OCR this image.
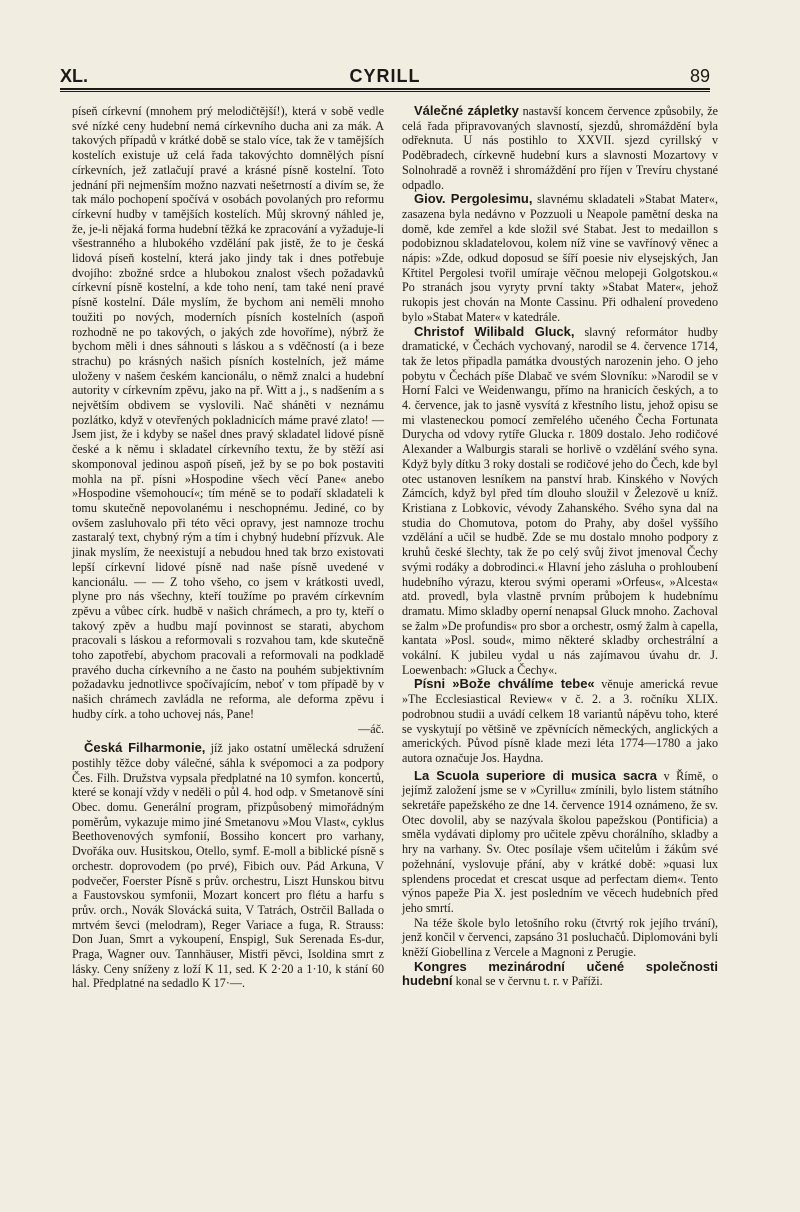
XL.	CYRILL	89

píseň církevní (mnohem prý melodičtější!), která v sobě vedle své nízké ceny hudební nemá církevního ducha ani za mák. A takových případů v krátké době se stalo více, tak že v tamějších kostelích existuje už celá řada takovýchto domnělých písní církevních, jež zatlačují pravé a krásné písně kostelní. Toto jednání při nejmenším možno nazvati nešetrností a divím se, že tak málo pochopení spočívá v osobách povolaných pro reformu církevní hudby v tamějších kostelích. Můj skrovný náhled je, že, je-li nějaká forma hudební těžká ke zpracování a vyžaduje-li všestranného a hlubokého vzdělání pak jistě, že to je česká lidová píseň kostelní, která jako jindy tak i dnes potřebuje dvojího: zbožné srdce a hlubokou znalost všech požadavků církevní písně kostelní, a kde toho není, tam také není pravé písně kostelní. Dále myslím, že bychom ani neměli mnoho toužiti po nových, moderních písních kostelních (aspoň rozhodně ne po takových, o jakých zde hovoříme), nýbrž že bychom měli i dnes sáhnouti s láskou a s vděčností (a i beze strachu) po krásných našich písních kostelních, jež máme uloženy v našem českém kancionálu, o němž znalci a hudební autority v církevním zpěvu, jako na př. Witt a j., s nadšením a s největším obdivem se vyslovili. Nač sháněti v neznámu pozlátko, když v otevřených pokladnicích máme pravé zlato! — Jsem jist, že i kdyby se našel dnes pravý skladatel lidové písně české a k němu i skladatel církevního textu, že by stěží asi skomponoval jedinou aspoň píseň, jež by se po bok postaviti mohla na př. písni »Hospodine všech věcí Pane« anebo »Hospodine všemohoucí«; tím méně se to podaří skladateli k tomu skutečně nepovolanému i neschopnému. Jediné, co by ovšem zasluhovalo při této věci opravy, jest namnoze trochu zastaralý text, chybný rým a tím i chybný hudební přízvuk. Ale jinak myslím, že neexistují a nebudou hned tak brzo existovati lepší církevní lidové písně nad naše písně uvedené v kancionálu. — — Z toho všeho, co jsem v krátkosti uvedl, plyne pro nás všechny, kteří toužíme po pravém církevním zpěvu a vůbec círk. hudbě v našich chrámech, a pro ty, kteří o takový zpěv a hudbu mají povinnost se starati, abychom pracovali s láskou a reformovali s rozvahou tam, kde skutečně toho zapotřebí, abychom pracovali a reformovali na podkladě pravého ducha církevního a ne často na pouhém subjektivním požadavku jednotlivce spočívajícím, neboť v tom případě by v našich chrámech zavládla ne reforma, ale deforma zpěvu i hudby círk. a toho uchovej nás, Pane!

—áč.

Česká Filharmonie, jíž jako ostatní umělecká sdružení postihly těžce doby válečné, sáhla k svépomoci a za podpory Čes. Filh. Družstva vypsala předplatné na 10 symfon. koncertů, které se konají vždy v neděli o půl 4. hod odp. v Smetanově síni Obec. domu. Generální program, přizpůsobený mimořádným poměrům, vykazuje mimo jiné Smetanovu »Mou Vlast«, cyklus Beethovenových symfonií, Bossiho koncert pro varhany, Dvořáka ouv. Husitskou, Otello, symf. E-moll a biblické písně s orchestr. doprovodem (po prvé), Fibich ouv. Pád Arkuna, V podvečer, Foerster Písně s prův. orchestru, Liszt Hunskou bitvu a Faustovskou symfonii, Mozart koncert pro flétu a harfu s prův. orch., Novák Slovácká suita, V Tatrách, Ostrčil Ballada o mrtvém ševci (melodram), Reger Variace a fuga, R. Strauss: Don Juan, Smrt a vykoupení, Enspigl, Suk Serenada Es-dur, Praga, Wagner ouv. Tannhäuser, Mistři pěvci, Isoldina smrt z lásky. Ceny sníženy z loží K 11, sed. K 2·20 a 1·10, k stání 60 hal. Předplatné na sedadlo K 17·—.

Válečné zápletky nastavší koncem července způsobily, že celá řada připravovaných slavností, sjezdů, shromáždění byla odřeknuta. U nás postihlo to XXVII. sjezd cyrillský v Poděbradech, církevně hudební kurs a slavnosti Mozartovy v Solnohradě a rovněž i shromáždění pro říjen v Trevíru chystané odpadlo.

Giov. Pergolesimu, slavnému skladateli »Stabat Mater«, zasazena byla nedávno v Pozzuoli u Neapole pamětní deska na domě, kde zemřel a kde složil své Stabat. Jest to medaillon s podobiznou skladatelovou, kolem níž vine se vavřínový věnec a nápis: »Zde, odkud doposud se šíří poesie niv elysejských, Jan Křtitel Pergolesi tvořil umíraje věčnou melopeji Golgotskou.« Po stranách jsou vyryty první takty »Stabat Mater«, jehož rukopis jest chován na Monte Cassinu. Při odhalení provedeno bylo »Stabat Mater« v katedrále.

Christof Wilibald Gluck, slavný reformátor hudby dramatické, v Čechách vychovaný, narodil se 4. července 1714, tak že letos připadla památka dvoustých narozenin jeho. O jeho pobytu v Čechách píše Dlabač ve svém Slovníku: »Narodil se v Horní Falci ve Weidenwangu, přímo na hranicích českých, a to 4. července, jak to jasně vysvítá z křestního listu, jehož opisu se mi vlasteneckou pomocí zemřelého učeného Čecha Fortunata Durycha od vdovy rytíře Glucka r. 1809 dostalo. Jeho rodičové Alexander a Walburgis starali se horlivě o vzdělání svého syna. Když byly dítku 3 roky dostali se rodičové jeho do Čech, kde byl otec ustanoven lesníkem na panství hrab. Kinského v Nových Zámcích, když byl před tím dlouho sloužil v Železově u kníž. Kristiana z Lobkovic, vévody Zahanského. Svého syna dal na studia do Chomutova, potom do Prahy, aby došel vyššího vzdělání a učil se hudbě. Zde se mu dostalo mnoho podpory z kruhů české šlechty, tak že po celý svůj život jmenoval Čechy svými rodáky a dobrodinci.« Hlavní jeho zásluha o prohloubení hudebního výrazu, kterou svými operami »Orfeus«, »Alcesta« atd. provedl, byla vlastně prvním průbojem k hudebnímu dramatu. Mimo skladby operní nenapsal Gluck mnoho. Zachoval se žalm »De profundis« pro sbor a orchestr, osmý žalm à capella, kantata »Posl. soud«, mimo některé skladby orchestrální a vokální. K jubileu vydal u nás zajímavou úvahu dr. J. Loewenbach: »Gluck a Čechy«.

Písni »Bože chválíme tebe« věnuje americká revue »The Ecclesiastical Review« v č. 2. a 3. ročníku XLIX. podrobnou studii a uvádí celkem 18 variantů nápěvu toho, které se vyskytují po většině ve zpěvnících německých, anglických a amerických. Původ písně klade mezi léta 1774—1780 a jako autora označuje Jos. Haydna.

La Scuola superiore di musica sacra v Římě, o jejímž založení jsme se v »Cyrillu« zmínili, bylo listem státního sekretáře papežského ze dne 14. července 1914 oznámeno, že sv. Otec dovolil, aby se nazývala školou papežskou (Pontificia) a směla vydávati diplomy pro učitele zpěvu chorálního, skladby a hry na varhany. Sv. Otec posílaje všem učitelům i žákům své požehnání, vyslovuje přání, aby v krátké době: »quasi lux splendens procedat et crescat usque ad perfectam diem«. Tento výnos papeže Pia X. jest posledním ve věcech hudebních před jeho smrtí.

Na téže škole bylo letošního roku (čtvrtý rok jejího trvání), jenž končil v červenci, zapsáno 31 posluchačů. Diplomováni byli kněží Giobellina z Vercele a Magnoni z Perugie.

Kongres mezinárodní učené společnosti hudební konal se v červnu t. r. v Paříži.
